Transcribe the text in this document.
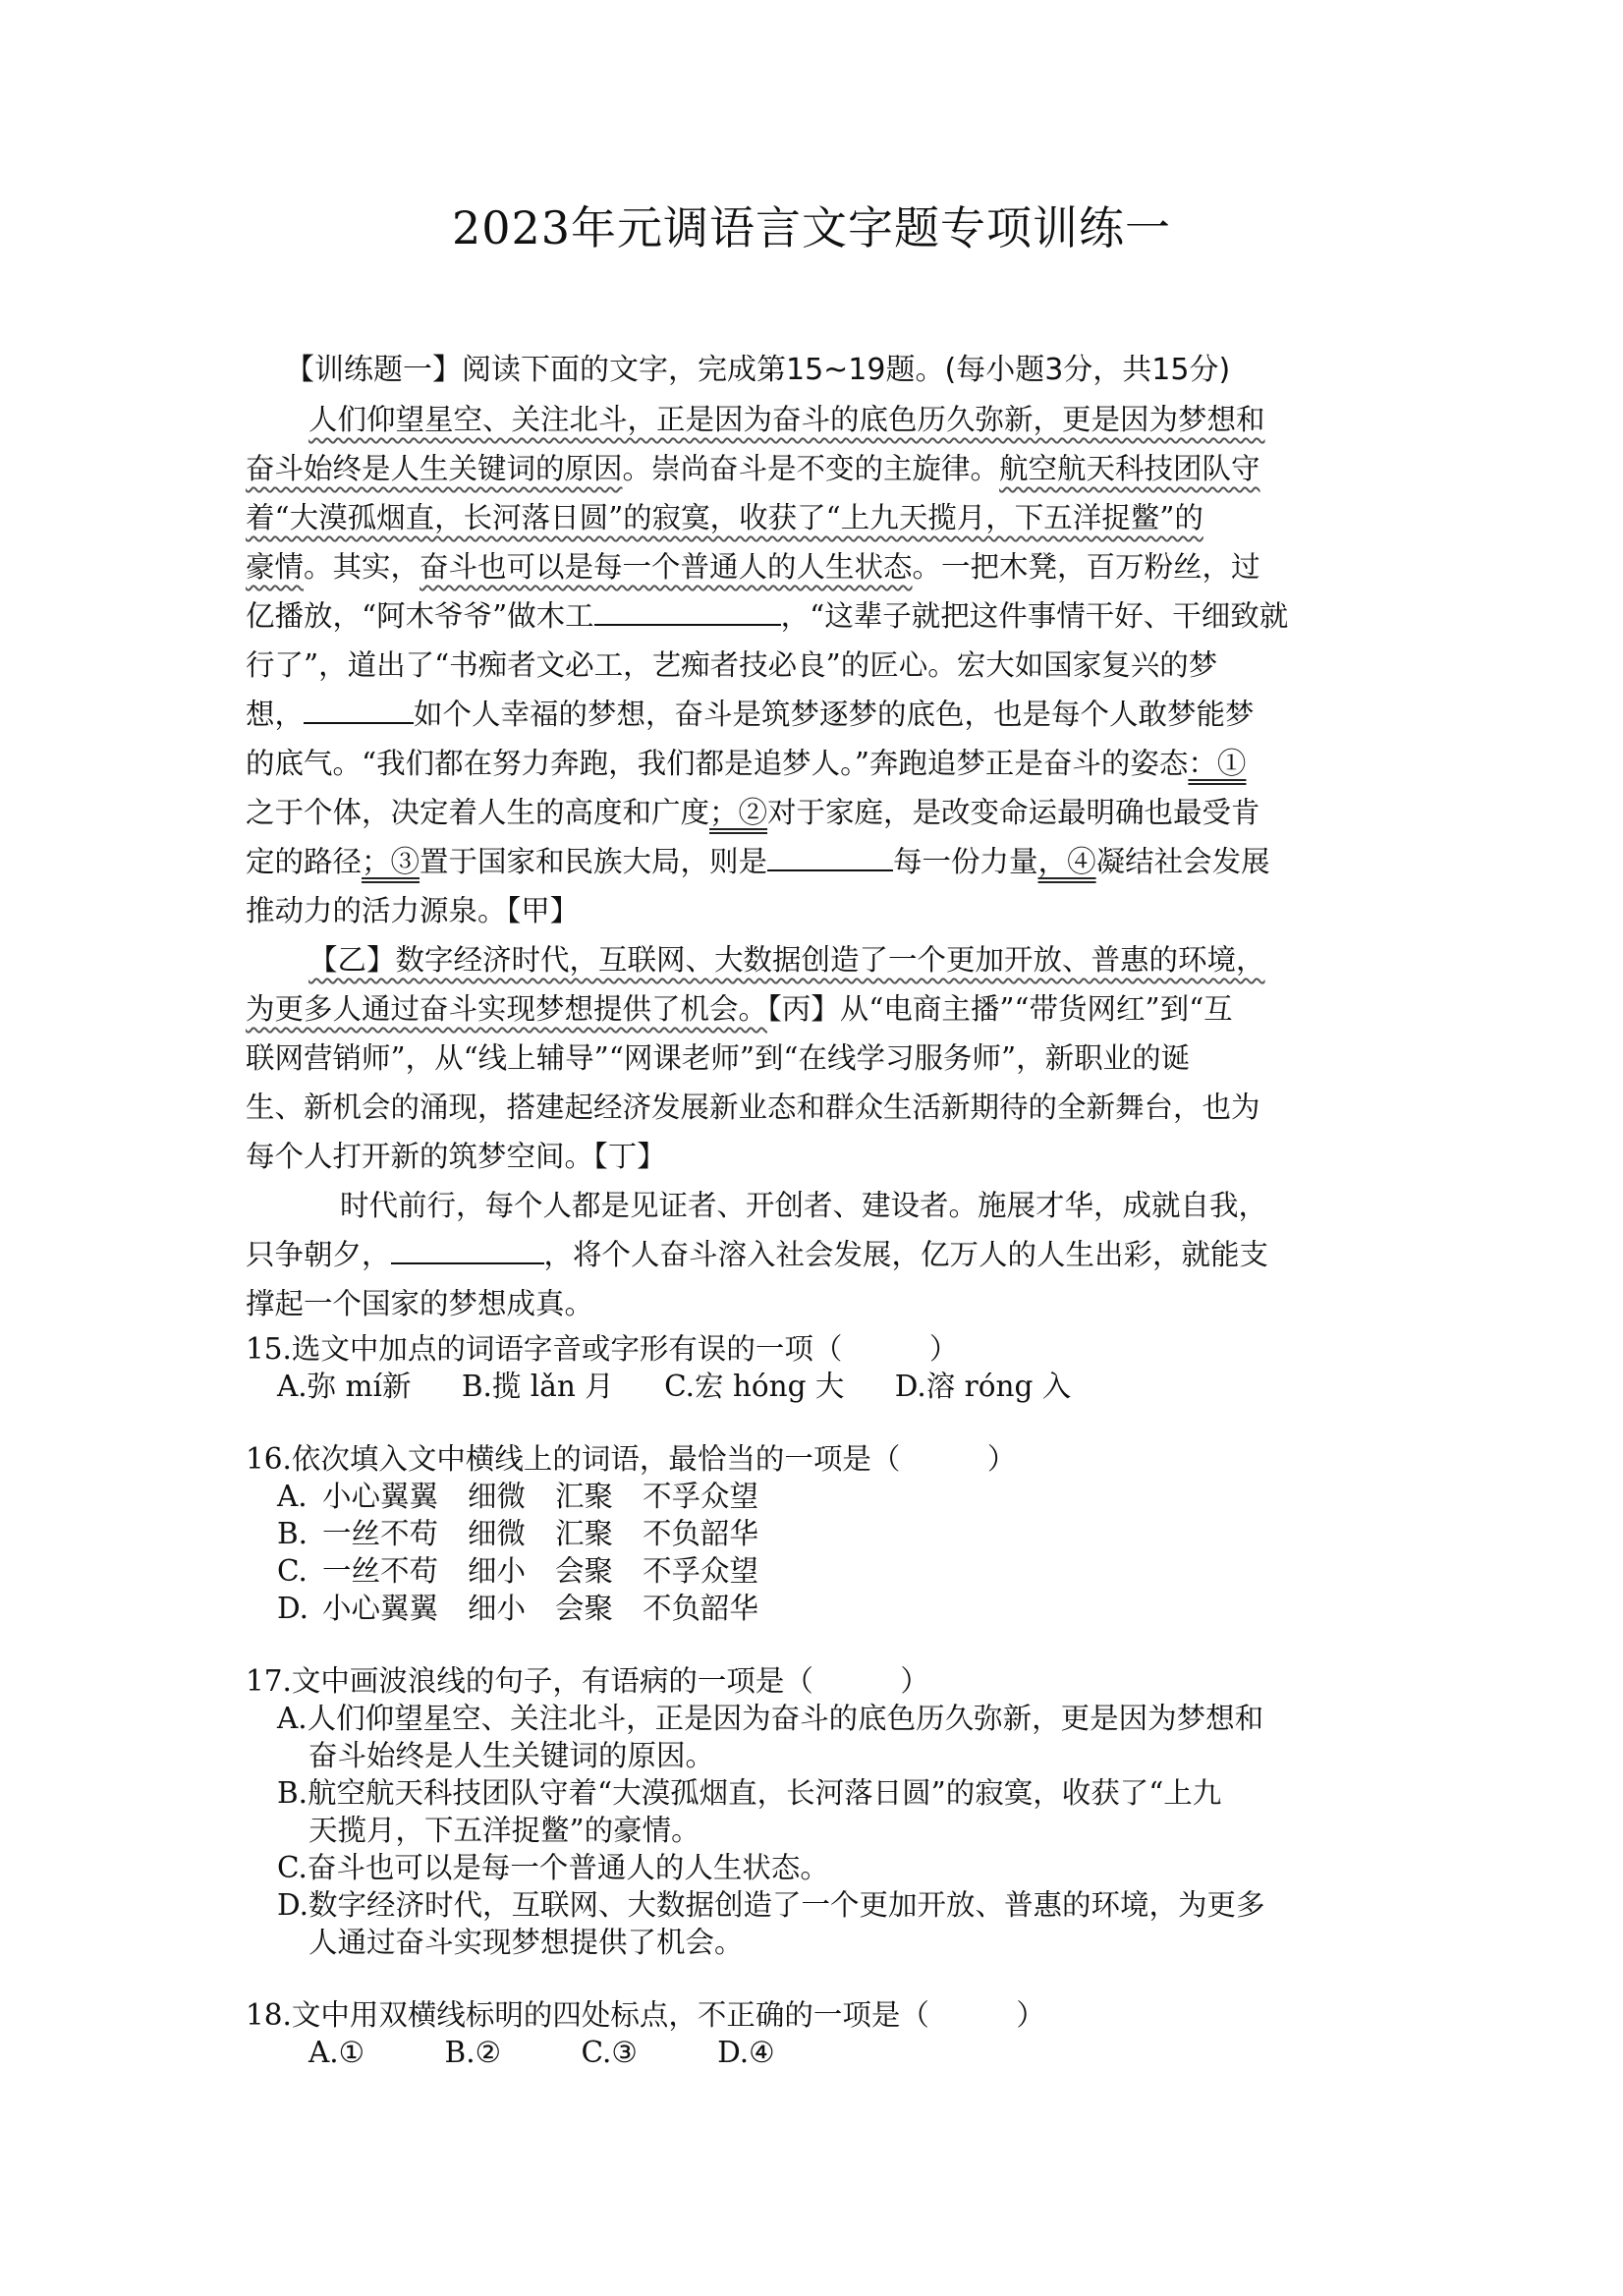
2023年元调语言文字题专项训练一
【训练题一】阅读下面的文字，完成第15~19题。(每小题3分，共15分)
人们仰望星空、关注北斗，正是因为奋斗的底色历久弥新，更是因为梦想和
奋斗始终是人生关键词的原因。崇尚奋斗是不变的主旋律。航空航天科技团队守
着“大漠孤烟直，长河落日圆”的寂寞，收获了“上九天揽月，下五洋捉鳖”的
豪情。其实，奋斗也可以是每一个普通人的人生状态。一把木凳，百万粉丝，过
亿播放，“阿木爷爷”做木工	，“这辈子就把这件事情干好、干细致就
行了”，道出了“书痴者文必工，艺痴者技必良”的匠心。宏大如国家复兴的梦
想，	如个人幸福的梦想，奋斗是筑梦逐梦的底色，也是每个人敢梦能梦
的底气。“我们都在努力奔跑，我们都是追梦人。”奔跑追梦正是奋斗的姿态：①
之于个体，决定着人生的高度和广度；②对于家庭，是改变命运最明确也最受肯
定的路径；③置于国家和民族大局，则是	每一份力量，④凝结社会发展
推动力的活力源泉。【甲】
【乙】数字经济时代，互联网、大数据创造了一个更加开放、普惠的环境，
为更多人通过奋斗实现梦想提供了机会。【丙】从“电商主播”“带货网红”到“互
联网营销师”，从“线上辅导”“网课老师”到“在线学习服务师”，新职业的诞
生、新机会的涌现，搭建起经济发展新业态和群众生活新期待的全新舞台，也为
每个人打开新的筑梦空间。【丁】
时代前行，每个人都是见证者、开创者、建设者。施展才华，成就自我，
只争朝夕，	，将个人奋斗溶入社会发展，亿万人的人生出彩，就能支
撑起一个国家的梦想成真。
15.选文中加点的词语字音或字形有误的一项（　　　）
A.弥 mí新 B.揽 lǎn 月 C.宏 hóng 大 D.溶 róng 入
16.依次填入文中横线上的词语，最恰当的一项是（　　　）
A.	小心翼翼	细微	汇聚	不孚众望
B.	一丝不苟	细微	汇聚	不负韶华
C.	一丝不苟	细小	会聚	不孚众望
D.	小心翼翼	细小	会聚	不负韶华
17.文中画波浪线的句子，有语病的一项是（　　　）
A.人们仰望星空、关注北斗，正是因为奋斗的底色历久弥新，更是因为梦想和
奋斗始终是人生关键词的原因。
B.航空航天科技团队守着“大漠孤烟直，长河落日圆”的寂寞，收获了“上九
天揽月，下五洋捉鳖”的豪情。
C.奋斗也可以是每一个普通人的人生状态。
D.数字经济时代，互联网、大数据创造了一个更加开放、普惠的环境，为更多
人通过奋斗实现梦想提供了机会。
18.文中用双横线标明的四处标点，不正确的一项是（　　　）
A.①	B.②	C.③	D.④
